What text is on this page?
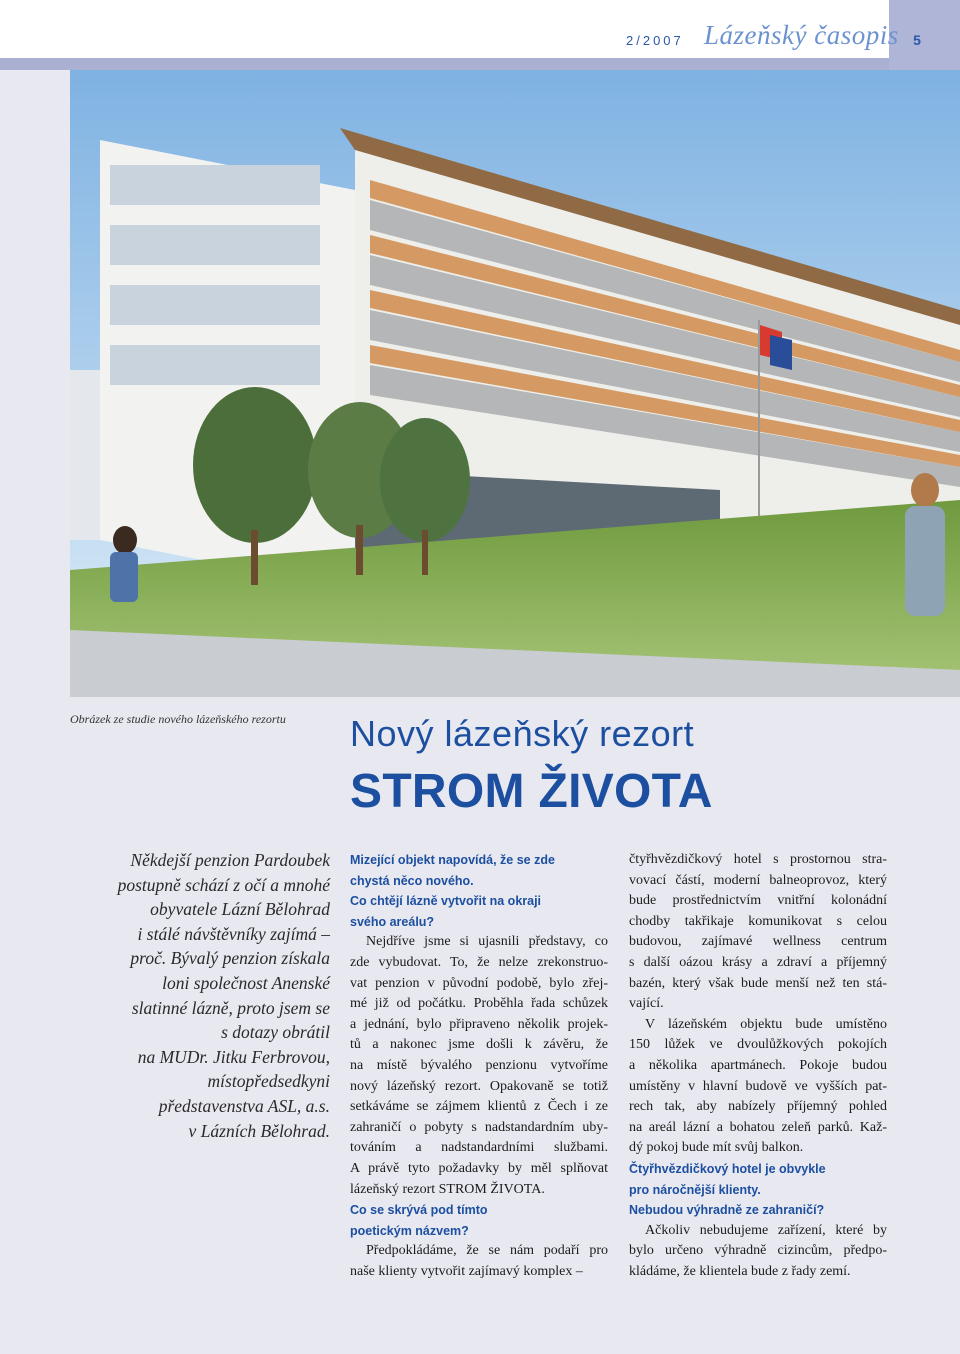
2/2007 Lázeňský časopis	5
Obrázek ze studie nového lázeňského rezortu	Nový lázeňský rezort
STROM ŽIVOTA
Někdejší penzion Pardoubek
postupně schází z očí a mnohé
obyvatele Lázní Bělohrad
i stálé návštěvníky zajímá –
proč. Bývalý penzion získala
loni společnost Anenské
slatinné lázně, proto jsem se
s dotazy obrátil
na MUDr. Jitku Ferbrovou,
místopředsedkyni
představenstva ASL, a.s.
v Lázních Bělohrad.
Mizející objekt napovídá, že se zde
chystá něco nového.
Co chtějí lázně vytvořit na okraji
svého areálu?
Nejdříve jsme si ujasnili představy, co
zde vybudovat. To, že nelze zrekonstruo-
vat penzion v původní podobě, bylo zřej-
mé již od počátku. Proběhla řada schůzek
a jednání, bylo připraveno několik projek-
tů a nakonec jsme došli k závěru, že
na místě bývalého penzionu vytvoříme
nový lázeňský rezort. Opakovaně se totiž
setkáváme se zájmem klientů z Čech i ze
zahraničí o pobyty s nadstandardním uby-
továním a nadstandardními službami.
A právě tyto požadavky by měl splňovat
lázeňský rezort STROM ŽIVOTA.
Co se skrývá pod tímto
poetickým názvem?
Předpokládáme, že se nám podaří pro
naše klienty vytvořit zajímavý komplex –
čtyřhvězdičkový hotel s prostornou stra-
vovací částí, moderní balneoprovoz, který
bude prostřednictvím vnitřní kolonádní
chodby takřikaje komunikovat s celou
budovou, zajímavé wellness centrum
s další oázou krásy a zdraví a příjemný
bazén, který však bude menší než ten stá-
vající.
V lázeňském objektu bude umístěno
150 lůžek ve dvoulůžkových pokojích
a několika apartmánech. Pokoje budou
umístěny v hlavní budově ve vyšších pat-
rech tak, aby nabízely příjemný pohled
na areál lázní a bohatou zeleň parků. Kaž-
dý pokoj bude mít svůj balkon.
Čtyřhvězdičkový hotel je obvykle
pro náročnější klienty.
Nebudou výhradně ze zahraničí?
Ačkoliv nebudujeme zařízení, které by
bylo určeno výhradně cizincům, předpo-
kládáme, že klientela bude z řady zemí.
